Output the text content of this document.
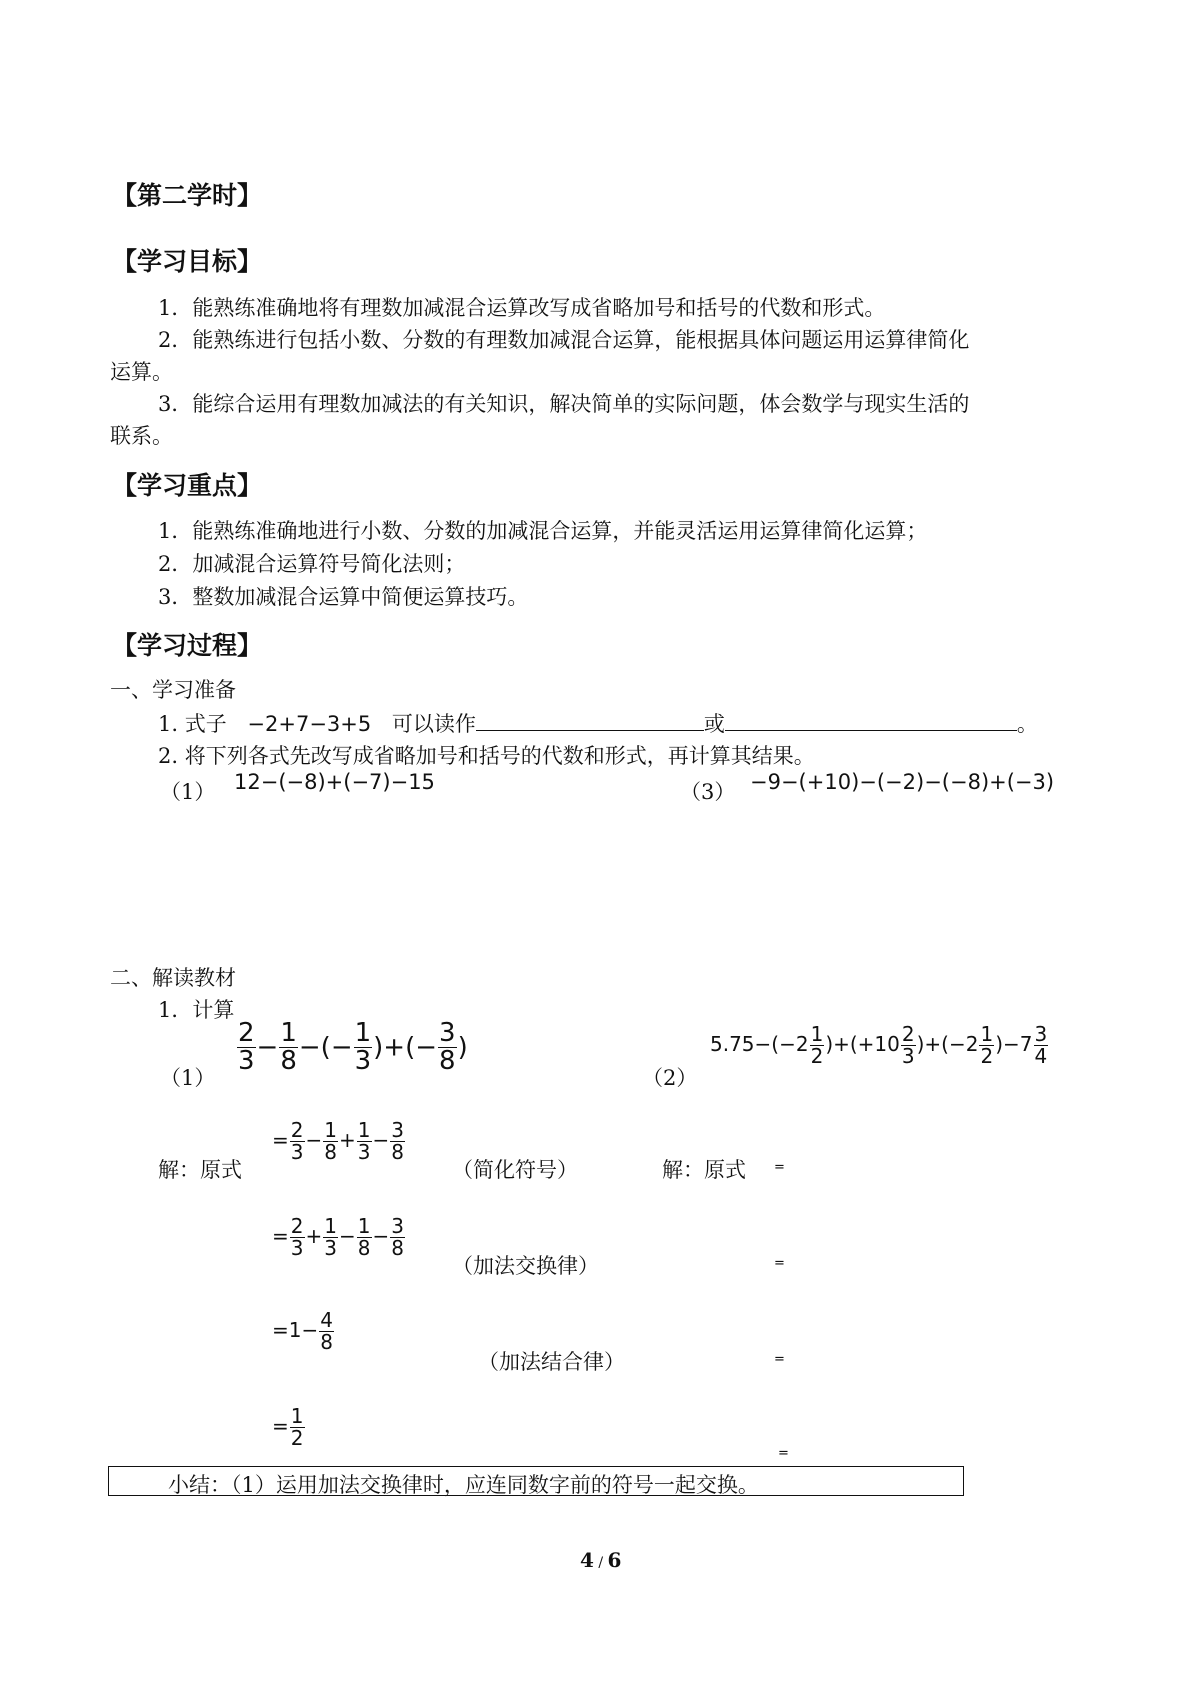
【第二学时】
【学习目标】
1．能熟练准确地将有理数加减混合运算改写成省略加号和括号的代数和形式。
2．能熟练进行包括小数、分数的有理数加减混合运算，能根据具体问题运用运算律简化
运算。
3．能综合运用有理数加减法的有关知识，解决简单的实际问题，体会数学与现实生活的
联系。
【学习重点】
1．能熟练准确地进行小数、分数的加减混合运算，并能灵活运用运算律简化运算；
2．加减混合运算符号简化法则；
3．整数加减混合运算中简便运算技巧。
【学习过程】
一、学习准备
1. 式子 −2+7−3+5 可以读作	或	。
2. 将下列各式先改写成省略加号和括号的代数和形式，再计算其结果。
（1） 12−(−8)+(−7)−15	（3） −9−(+10)−(−2)−(−8)+(−3)
二、解读教材
1．计算
（1）
$\frac{2}{3} - \frac{1}{8}$ −(− $\frac{1}{3}$ )+(− $\frac{3}{8}$ )
（2）
$5.75-(-2 \frac{1}{2} )+(+10 \frac{2}{3} )+(-2 \frac{1}{2} )-7 \frac{3}{4}$
解：原式
= $\frac{2}{3} - \frac{1}{8} + \frac{1}{3} - \frac{3}{8}$
（简化符号）	解：原式 =
= $\frac{2}{3} + \frac{1}{3} - \frac{1}{8} - \frac{3}{8}$
（加法交换律）	=
$=1- \frac{4}{8}$
（加法结合律）	=
= $\frac{1}{2}$
=
小结：（1）运用加法交换律时，应连同数字前的符号一起交换。
4 / 6
